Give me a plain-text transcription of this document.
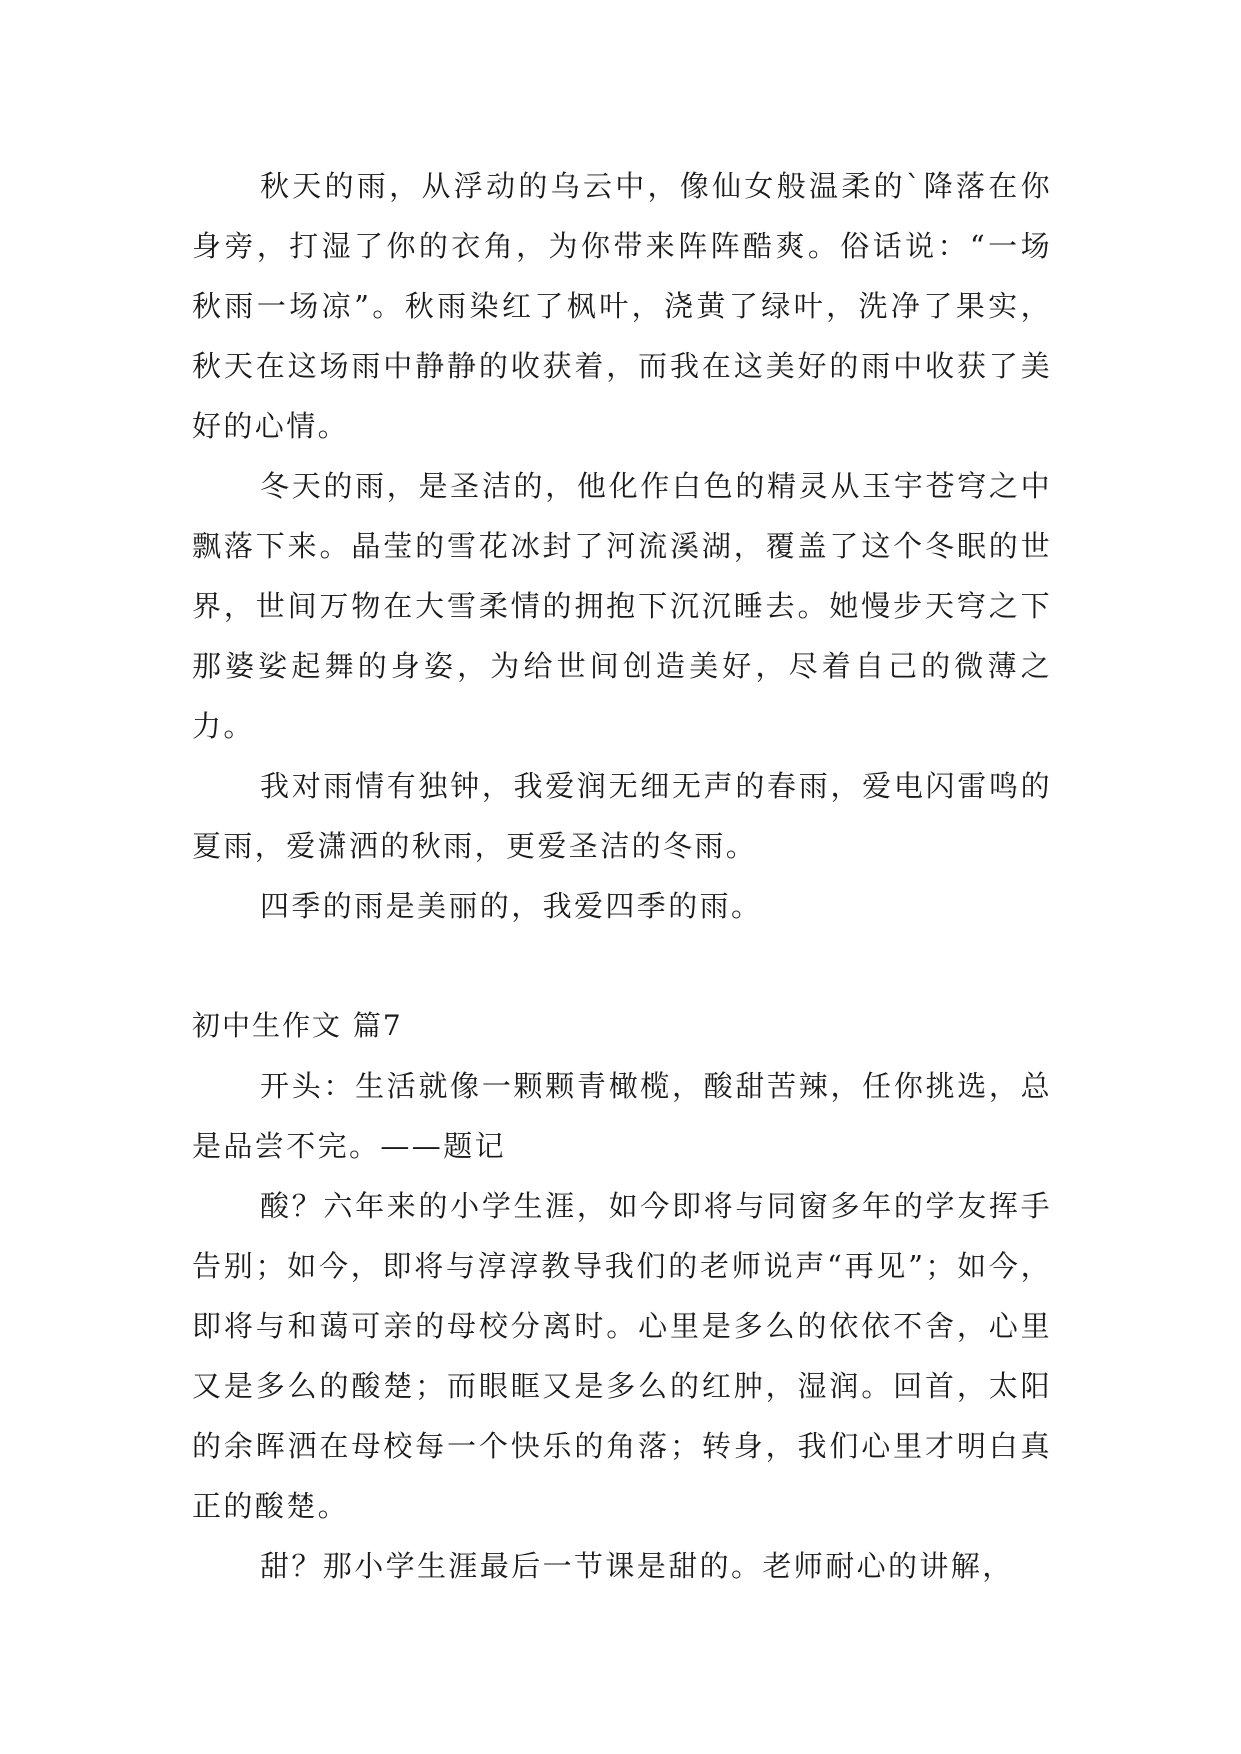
秋天的雨，从浮动的乌云中，像仙女般温柔的`降落在你身旁，打湿了你的衣角，为你带来阵阵酷爽。俗话说：“一场秋雨一场凉”。秋雨染红了枫叶，浇黄了绿叶，洗净了果实，秋天在这场雨中静静的收获着，而我在这美好的雨中收获了美好的心情。

冬天的雨，是圣洁的，他化作白色的精灵从玉宇苍穹之中飘落下来。晶莹的雪花冰封了河流溪湖，覆盖了这个冬眠的世界，世间万物在大雪柔情的拥抱下沉沉睡去。她慢步天穹之下那婆娑起舞的身姿，为给世间创造美好，尽着自己的微薄之力。

我对雨情有独钟，我爱润无细无声的春雨，爱电闪雷鸣的夏雨，爱潇洒的秋雨，更爱圣洁的冬雨。

四季的雨是美丽的，我爱四季的雨。

初中生作文 篇7

开头：生活就像一颗颗青橄榄，酸甜苦辣，任你挑选，总是品尝不完。——题记

酸？六年来的小学生涯，如今即将与同窗多年的学友挥手告别；如今，即将与淳淳教导我们的老师说声“再见”；如今，即将与和蔼可亲的母校分离时。心里是多么的依依不舍，心里又是多么的酸楚；而眼眶又是多么的红肿，湿润。回首，太阳的余晖洒在母校每一个快乐的角落；转身，我们心里才明白真正的酸楚。

甜？那小学生涯最后一节课是甜的。老师耐心的讲解，
